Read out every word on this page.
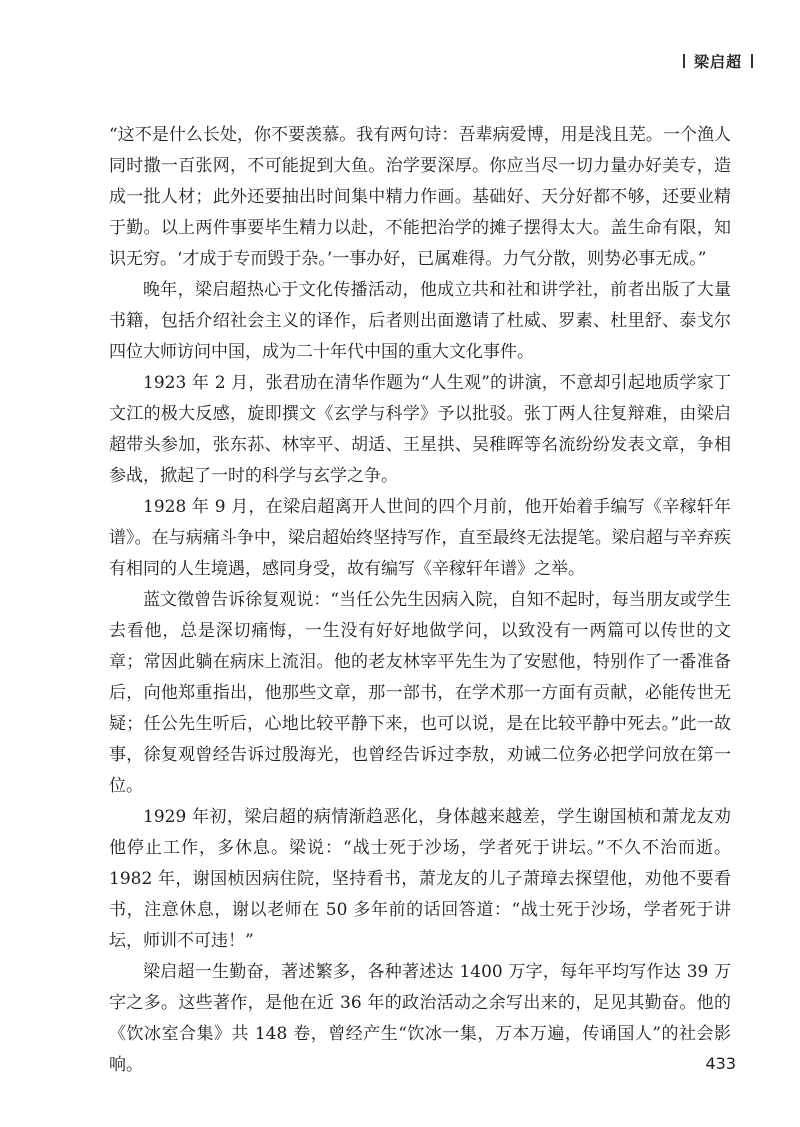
梁启超

“这不是什么长处，你不要羡慕。我有两句诗：吾辈病爱博，用是浅且芜。一个渔人同时撒一百张网，不可能捉到大鱼。治学要深厚。你应当尽一切力量办好美专，造成一批人材；此外还要抽出时间集中精力作画。基础好、天分好都不够，还要业精于勤。以上两件事要毕生精力以赴，不能把治学的摊子摆得太大。盖生命有限，知识无穷。‘才成于专而毁于杂。’一事办好，已属难得。力气分散，则势必事无成。”

晚年，梁启超热心于文化传播活动，他成立共和社和讲学社，前者出版了大量书籍，包括介绍社会主义的译作，后者则出面邀请了杜威、罗素、杜里舒、泰戈尔四位大师访问中国，成为二十年代中国的重大文化事件。

1923 年 2 月，张君劢在清华作题为“人生观”的讲演，不意却引起地质学家丁文江的极大反感，旋即撰文《玄学与科学》予以批驳。张丁两人往复辩难，由梁启超带头参加，张东荪、林宰平、胡适、王星拱、吴稚晖等名流纷纷发表文章，争相参战，掀起了一时的科学与玄学之争。

1928 年 9 月，在梁启超离开人世间的四个月前，他开始着手编写《辛稼轩年谱》。在与病痛斗争中，梁启超始终坚持写作，直至最终无法提笔。梁启超与辛弃疾有相同的人生境遇，感同身受，故有编写《辛稼轩年谱》之举。

蓝文徵曾告诉徐复观说：“当任公先生因病入院，自知不起时，每当朋友或学生去看他，总是深切痛悔，一生没有好好地做学问，以致没有一两篇可以传世的文章；常因此躺在病床上流泪。他的老友林宰平先生为了安慰他，特别作了一番准备后，向他郑重指出，他那些文章，那一部书，在学术那一方面有贡献，必能传世无疑；任公先生听后，心地比较平静下来，也可以说，是在比较平静中死去。”此一故事，徐复观曾经告诉过殷海光，也曾经告诉过李敖，劝诫二位务必把学问放在第一位。

1929 年初，梁启超的病情渐趋恶化，身体越来越差，学生谢国桢和萧龙友劝他停止工作，多休息。梁说：“战士死于沙场，学者死于讲坛。”不久不治而逝。1982 年，谢国桢因病住院，坚持看书，萧龙友的儿子萧璋去探望他，劝他不要看书，注意休息，谢以老师在 50 多年前的话回答道：“战士死于沙场，学者死于讲坛，师训不可违！”

梁启超一生勤奋，著述繁多，各种著述达 1400 万字，每年平均写作达 39 万字之多。这些著作，是他在近 36 年的政治活动之余写出来的，足见其勤奋。他的《饮冰室合集》共 148 卷，曾经产生“饮冰一集，万本万遍，传诵国人”的社会影响。	433
